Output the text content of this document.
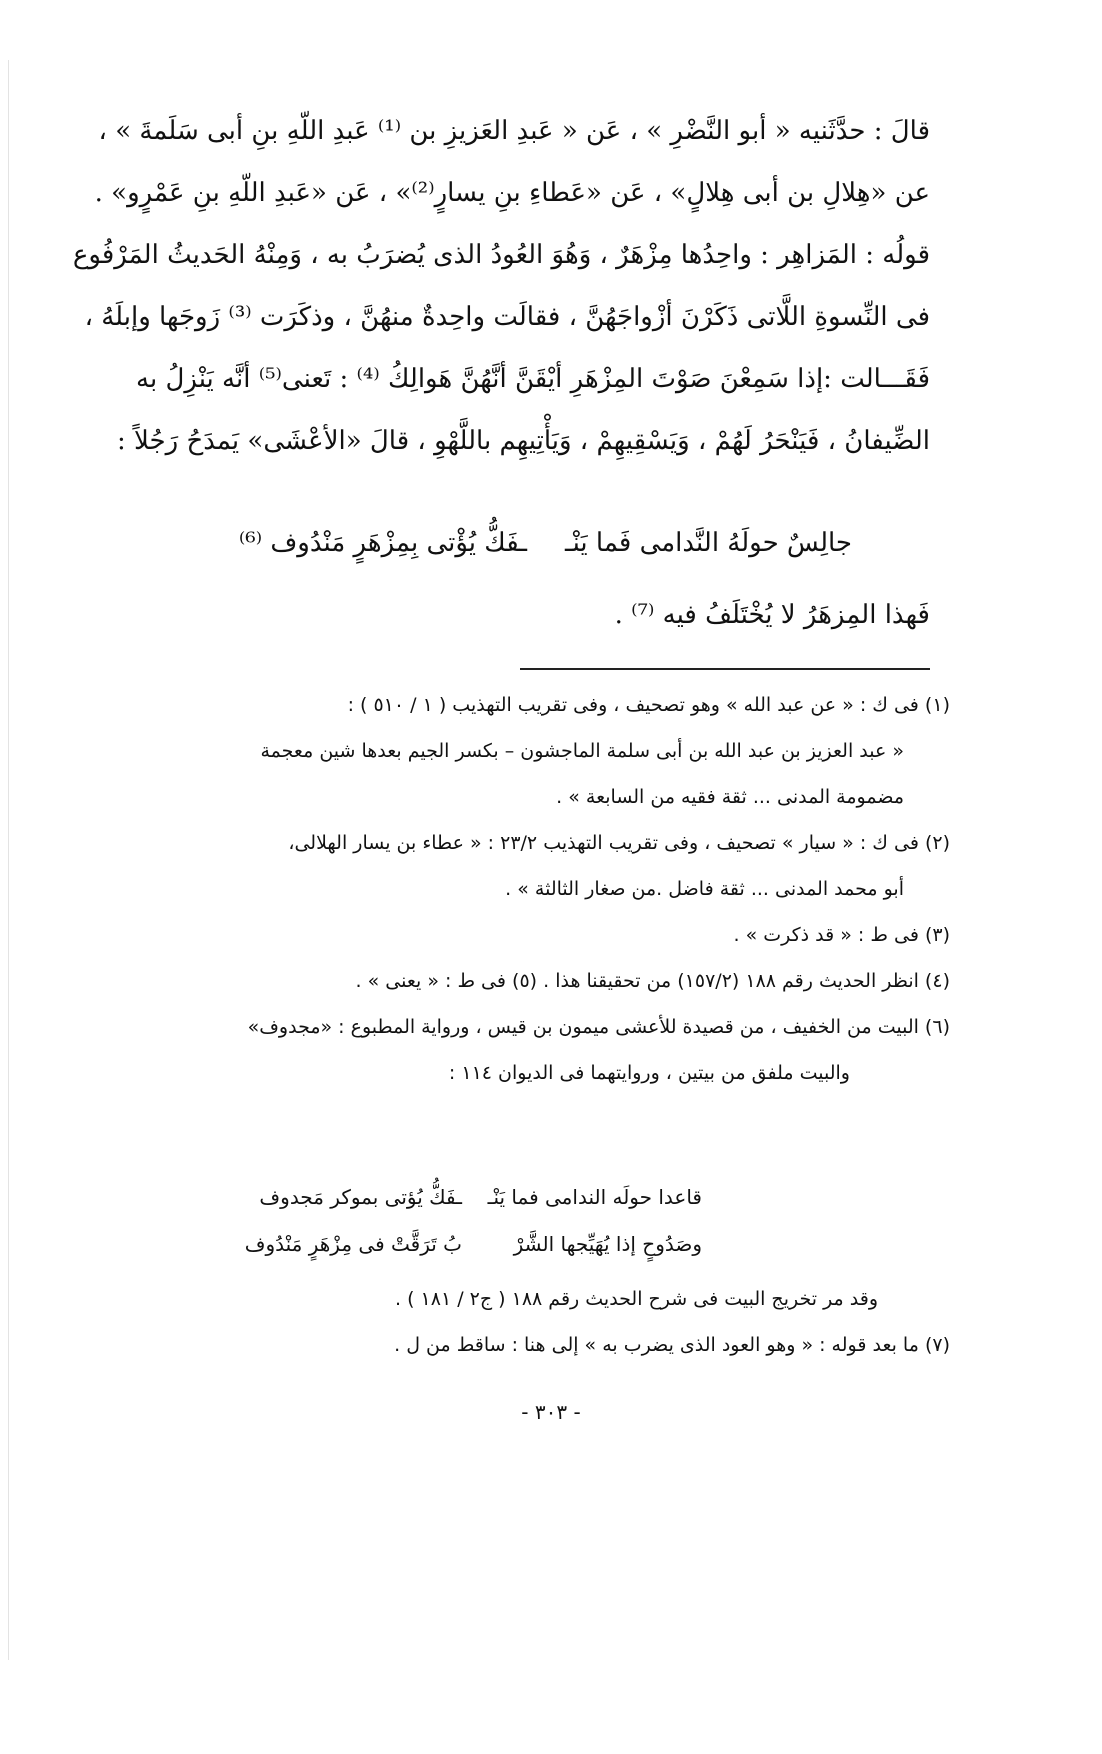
قالَ : حدَّثَنيه « أبو النَّضْرِ » ، عَن « عَبدِ العَزيزِ بن ⁽¹⁾ عَبدِ اللّهِ بنِ أبى سَلَمةَ » ،
عن «هِلالِ بن أبى هِلالٍ» ، عَن «عَطاءِ بنِ يسارٍ⁽²⁾» ، عَن «عَبدِ اللّهِ بنِ عَمْرٍو» .
قولُه : المَزاهِر : واحِدُها مِزْهَرٌ ، وَهُوَ العُودُ الذى يُضرَبُ به ، وَمِنْهُ الحَديثُ المَرْفُوع
فى النِّسوةِ اللَّاتى ذَكَرْنَ أزْواجَهُنَّ ، فقالَت واحِدةٌ منهُنَّ ، وذكَرَت ⁽³⁾ زَوجَها وإبلَهُ ،
فَقَـــالت :إذا سَمِعْنَ صَوْتَ المِزْهَرِ أيْقَنَّ أنَّهُنَّ هَوالِكُ ⁽⁴⁾ : تَعنى⁽⁵⁾ أنَّه يَنْزِلُ به
الضِّيفانُ ، فَيَنْحَرُ لَهُمْ ، وَيَسْقِيهِمْ ، وَيَأْتِيهِم باللَّهْوِ ، قالَ «الأعْشَى» يَمدَحُ رَجُلاً :
جالِسٌ حولَهُ النَّدامى فَما يَنْـ
ـفَكُّ يُؤْتى بِمِزْهَرٍ مَنْدُوف ⁽⁶⁾
فَهذا المِزهَرُ لا يُخْتَلَفُ فيه ⁽⁷⁾ .
(١) فى ك : « عن عبد الله » وهو تصحيف ، وفى تقريب التهذيب ( ١ / ٥١٠ ) :
« عبد العزيز بن عبد الله بن أبى سلمة الماجشون – بكسر الجيم بعدها شين معجمة
مضمومة المدنى ... ثقة فقيه من السابعة » .
(٢) فى ك : « سيار » تصحيف ، وفى تقريب التهذيب ٢٣/٢ : « عطاء بن يسار الهلالى،
أبو محمد المدنى ... ثقة فاضل .من صغار الثالثة » .
(٣) فى ط : « قد ذكرت » .
(٤) انظر الحديث رقم ١٨٨ (١٥٧/٢) من تحقيقنا هذا . (٥) فى ط : « يعنى » .
(٦) البيت من الخفيف ، من قصيدة للأعشى ميمون بن قيس ، ورواية المطبوع : «مجدوف»
والبيت ملفق من بيتين ، وروايتهما فى الديوان ١١٤ :
قاعدا حولَه الندامى فما يَنْـ
ـفَكُّ يُؤتى بموكر مَجدوف
وصَدُوحٍ إذا يُهَيِّجها الشَّرْ
بُ تَرَقَّتْ فى مِزْهَرٍ مَنْدُوف
وقد مر تخريج البيت فى شرح الحديث رقم ١٨٨ ( ج٢ / ١٨١ ) .
(٧) ما بعد قوله : « وهو العود الذى يضرب به » إلى هنا : ساقط من ل .
- ٣٠٣ -
